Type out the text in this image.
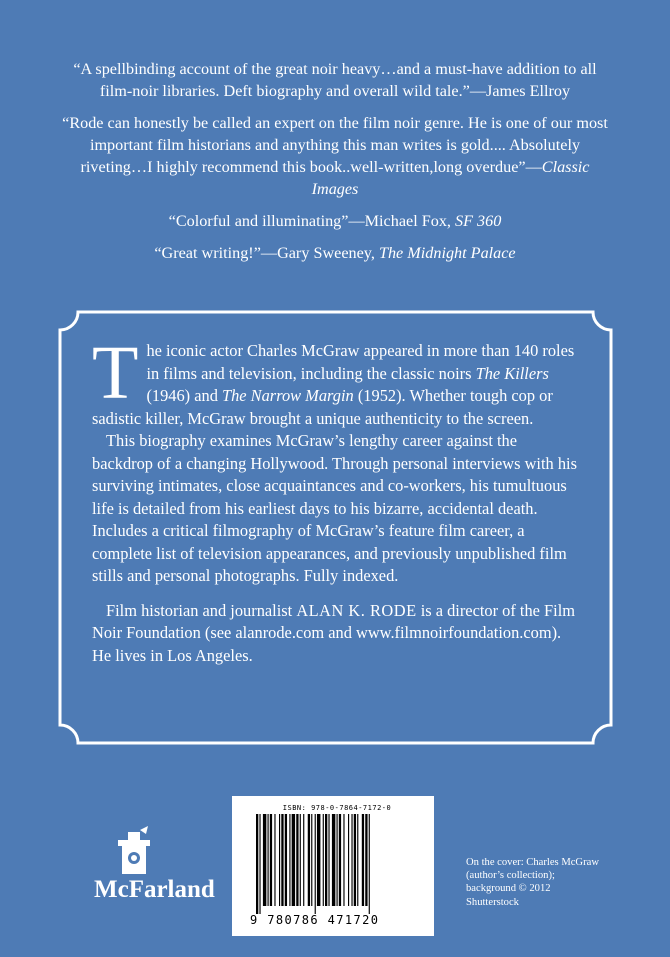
“A spellbinding account of the great noir heavy…and a must-have addition to all film-noir libraries. Deft biography and overall wild tale.”—James Ellroy

“Rode can honestly be called an expert on the film noir genre. He is one of our most important film historians and anything this man writes is gold.... Absolutely riveting…I highly recommend this book..well-written,long overdue”—Classic Images

“Colorful and illuminating”—Michael Fox, SF 360

“Great writing!”—Gary Sweeney, The Midnight Palace

The iconic actor Charles McGraw appeared in more than 140 roles in films and television, including the classic noirs The Killers (1946) and The Narrow Margin (1952). Whether tough cop or sadistic killer, McGraw brought a unique authenticity to the screen.

This biography examines McGraw’s lengthy career against the backdrop of a changing Hollywood. Through personal interviews with his surviving intimates, close acquaintances and co-workers, his tumultuous life is detailed from his earliest days to his bizarre, accidental death. Includes a critical filmography of McGraw’s feature film career, a complete list of television appearances, and previously unpublished film stills and personal photographs. Fully indexed.

Film historian and journalist ALAN K. RODE is a director of the Film Noir Foundation (see alanrode.com and www.filmnoirfoundation.com). He lives in Los Angeles.

McFarland
ISBN: 978-0-7864-7172-0
9 780786 471720
On the cover: Charles McGraw (author’s collection); background © 2012 Shutterstock
